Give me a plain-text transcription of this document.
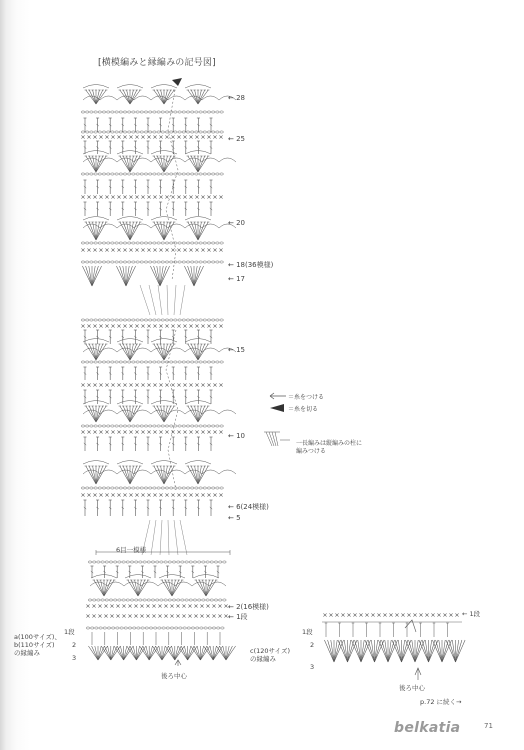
[横模編みと縁編みの記号図]
← 28
← 25
← 20
← 18(36模様)
← 17
← 15
← 10
← 6(24模様)
← 5
← 2(16模様)
← 1段
6目一模様
＝糸をつける
＝糸を切る
一長編みは縦編みの柱に
編みつける
a(100サイズ)、
b(110サイズ)
の縁編み
1段
2
3
後ろ中心
c(120サイズ)
の縁編み
1段
2
3
← 1段
後ろ中心
p.72 に続く→
belkatia	71
